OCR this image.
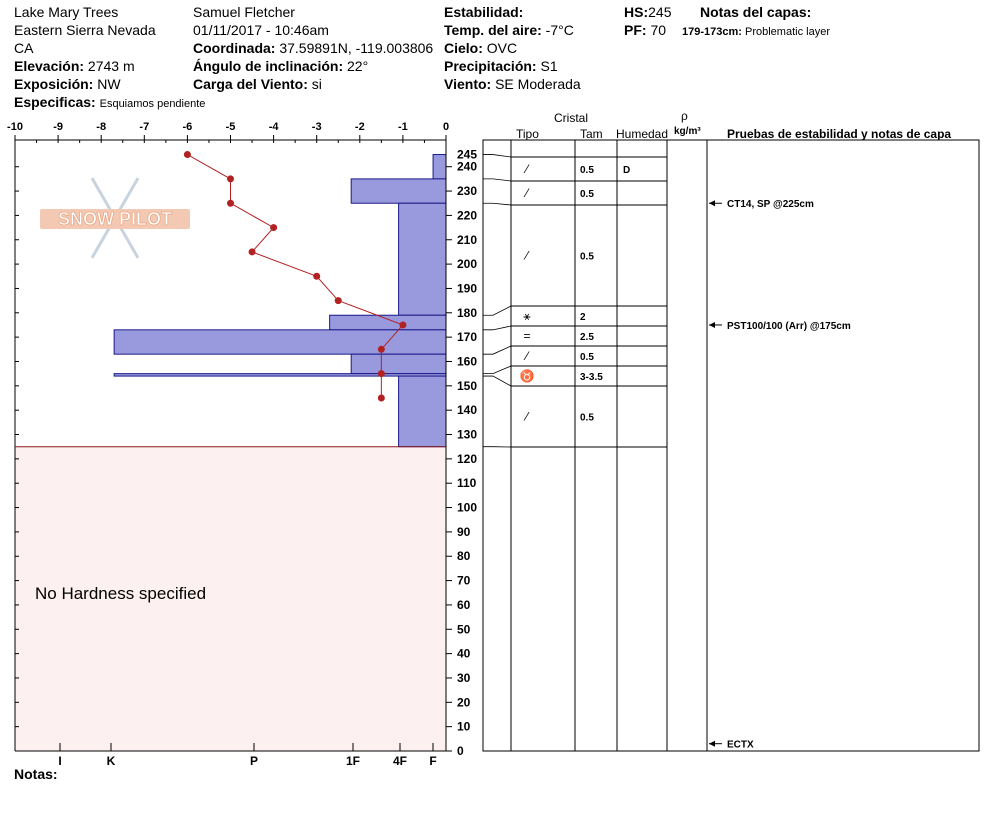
Lake Mary Trees
Eastern Sierra Nevada
CA
Elevación: 2743 m
Exposición: NW
Especificas: Esquiamos pendiente
Samuel Fletcher
01/11/2017 - 10:46am
Coordinada: 37.59891N, -119.003806
Ángulo de inclinación: 22°
Carga del Viento: si
Estabilidad:
Temp. del aire: -7°C
Cielo: OVC
Precipitación: S1
Viento: SE Moderada
HS:245
PF: 70
Notas del capas:
179-173cm: Problematic layer
Notas:
Cristal
Tipo	Tam Humedad
ρ
kg/m³ Pruebas de estabilidad y notas de capa
No Hardness specified
SNOW PILOT
-10	-9	-8	-7	-6	-5	-4	-3	-2	-1	0
0
10
20
30
40
50
60
70
80
90
100
110
120
130
140
150
160
170
180
190
200
210
220
230
240
245
I	K	P	1F	4F F
⁄	0.5	D
⁄	0.5
⁄	0.5
⚹	2
=	2.5
⁄	0.5
♉	3-3.5
⁄	0.5
CT14, SP @225cm
PST100/100 (Arr) @175cm
ECTX
